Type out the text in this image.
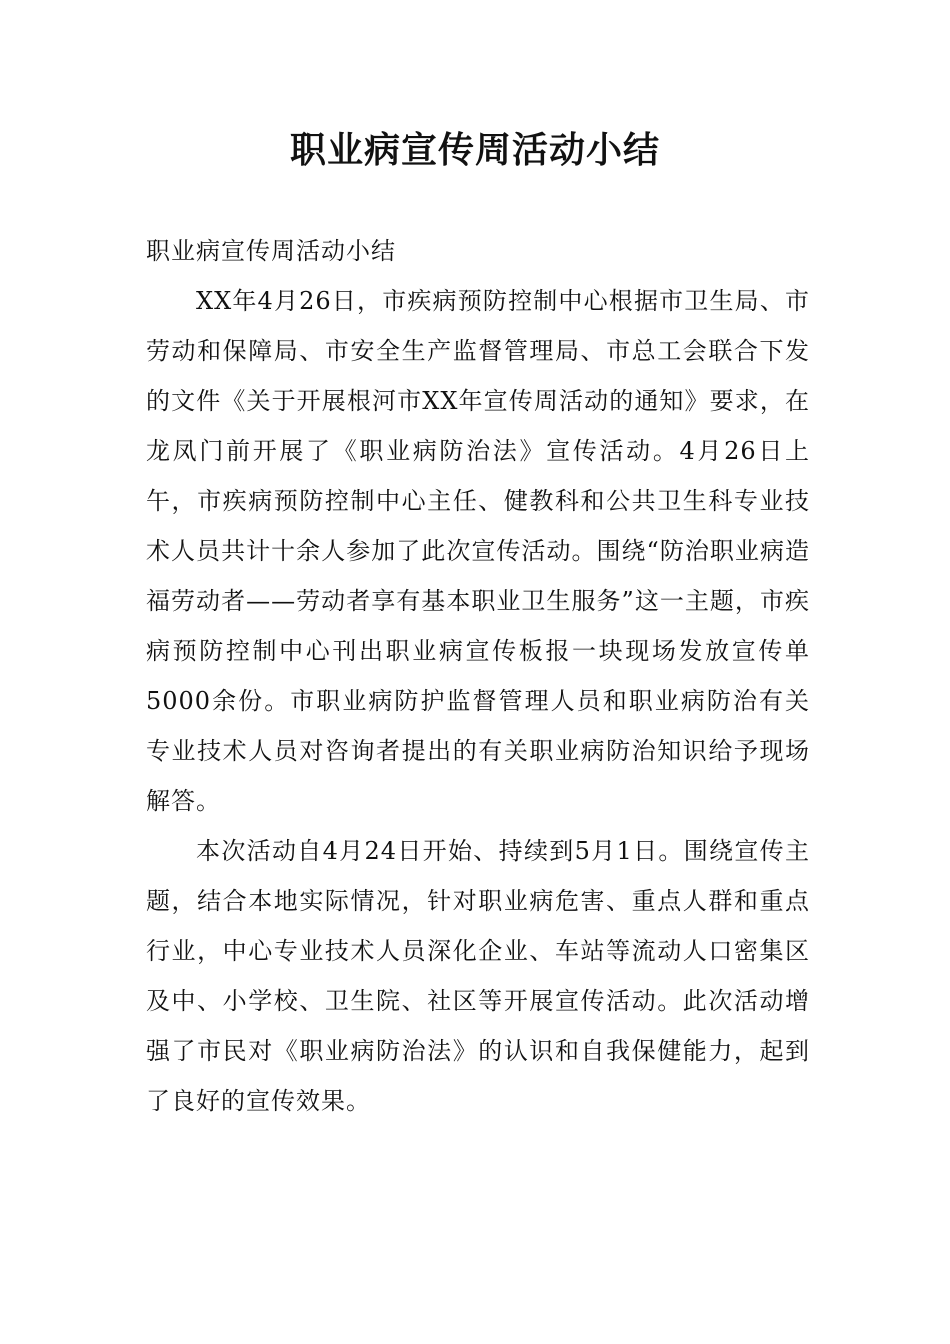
职业病宣传周活动小结

职业病宣传周活动小结

XX年4月26日，市疾病预防控制中心根据市卫生局、市劳动和保障局、市安全生产监督管理局、市总工会联合下发的文件《关于开展根河市XX年宣传周活动的通知》要求，在龙凤门前开展了《职业病防治法》宣传活动。4月26日上午，市疾病预防控制中心主任、健教科和公共卫生科专业技术人员共计十余人参加了此次宣传活动。围绕“防治职业病造福劳动者——劳动者享有基本职业卫生服务”这一主题，市疾病预防控制中心刊出职业病宣传板报一块现场发放宣传单5000余份。市职业病防护监督管理人员和职业病防治有关专业技术人员对咨询者提出的有关职业病防治知识给予现场解答。

本次活动自4月24日开始、持续到5月1日。围绕宣传主题，结合本地实际情况，针对职业病危害、重点人群和重点行业，中心专业技术人员深化企业、车站等流动人口密集区及中、小学校、卫生院、社区等开展宣传活动。此次活动增强了市民对《职业病防治法》的认识和自我保健能力，起到了良好的宣传效果。
